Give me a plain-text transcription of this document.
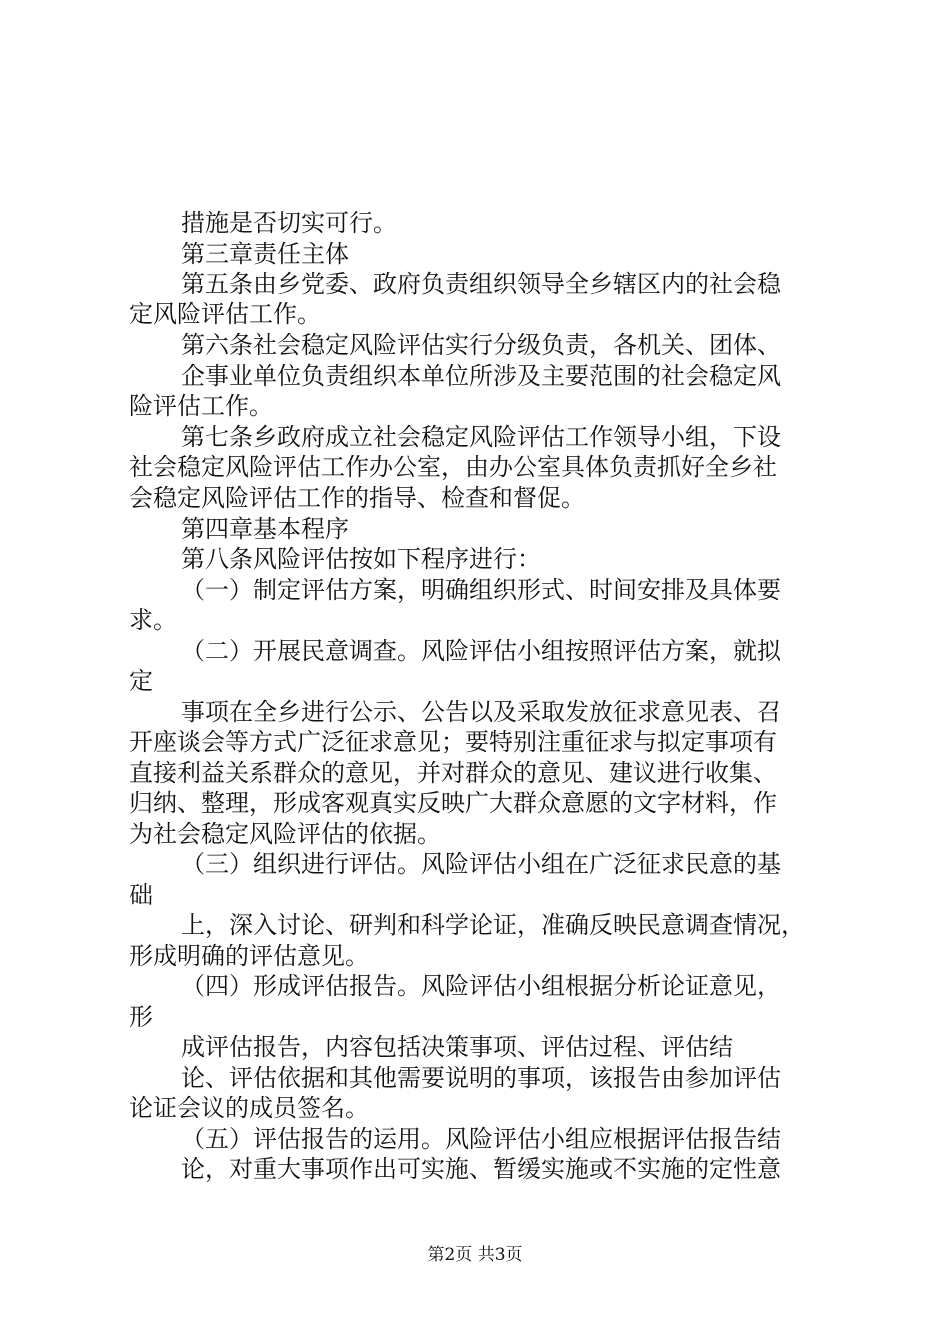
措施是否切实可行。
第三章责任主体
第五条由乡党委、政府负责组织领导全乡辖区内的社会稳
定风险评估工作。
第六条社会稳定风险评估实行分级负责，各机关、团体、
企事业单位负责组织本单位所涉及主要范围的社会稳定风
险评估工作。
第七条乡政府成立社会稳定风险评估工作领导小组，下设
社会稳定风险评估工作办公室，由办公室具体负责抓好全乡社
会稳定风险评估工作的指导、检查和督促。
第四章基本程序
第八条风险评估按如下程序进行：
（一）制定评估方案，明确组织形式、时间安排及具体要
求。
（二）开展民意调查。风险评估小组按照评估方案，就拟
定
事项在全乡进行公示、公告以及采取发放征求意见表、召
开座谈会等方式广泛征求意见；要特别注重征求与拟定事项有
直接利益关系群众的意见，并对群众的意见、建议进行收集、
归纳、整理，形成客观真实反映广大群众意愿的文字材料，作
为社会稳定风险评估的依据。
（三）组织进行评估。风险评估小组在广泛征求民意的基
础
上，深入讨论、研判和科学论证，准确反映民意调查情况，
形成明确的评估意见。
（四）形成评估报告。风险评估小组根据分析论证意见，
形
成评估报告，内容包括决策事项、评估过程、评估结
论、评估依据和其他需要说明的事项，该报告由参加评估
论证会议的成员签名。
（五）评估报告的运用。风险评估小组应根据评估报告结
论，对重大事项作出可实施、暂缓实施或不实施的定性意
第2页 共3页
